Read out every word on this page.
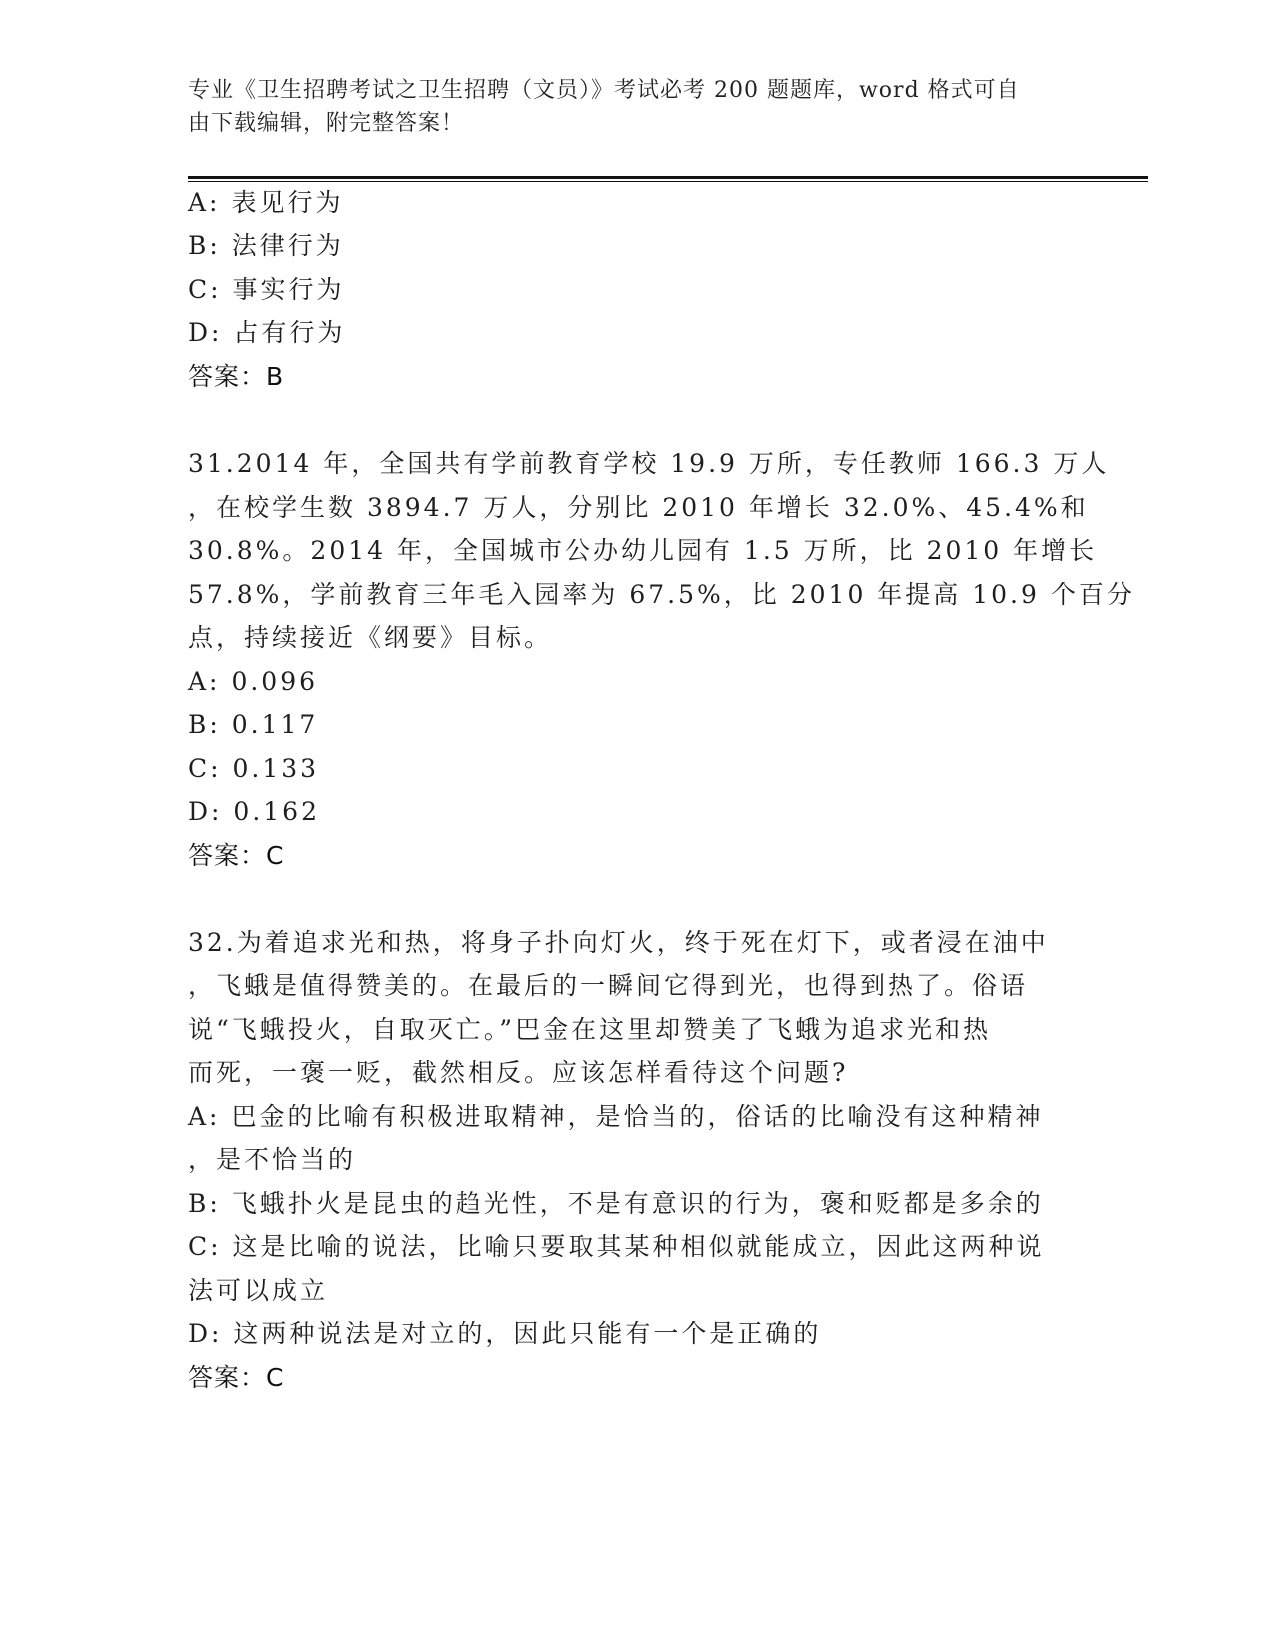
专业《卫生招聘考试之卫生招聘（文员）》考试必考 200 题题库，word 格式可自
由下载编辑，附完整答案！
A: 表见行为
B: 法律行为
C: 事实行为
D: 占有行为
答案：B
31.2014 年，全国共有学前教育学校 19.9 万所，专任教师 166.3 万人
，在校学生数 3894.7 万人，分别比 2010 年增长 32.0%、45.4%和
30.8%。2014 年，全国城市公办幼儿园有 1.5 万所，比 2010 年增长
57.8%，学前教育三年毛入园率为 67.5%，比 2010 年提高 10.9 个百分
点，持续接近《纲要》目标。
A: 0.096
B: 0.117
C: 0.133
D: 0.162
答案：C
32.为着追求光和热，将身子扑向灯火，终于死在灯下，或者浸在油中
，飞蛾是值得赞美的。在最后的一瞬间它得到光，也得到热了。俗语
说“飞蛾投火，自取灭亡。”巴金在这里却赞美了飞蛾为追求光和热
而死，一褒一贬，截然相反。应该怎样看待这个问题?
A: 巴金的比喻有积极进取精神，是恰当的，俗话的比喻没有这种精神
，是不恰当的
B: 飞蛾扑火是昆虫的趋光性，不是有意识的行为，褒和贬都是多余的
C: 这是比喻的说法，比喻只要取其某种相似就能成立，因此这两种说
法可以成立
D: 这两种说法是对立的，因此只能有一个是正确的
答案：C
